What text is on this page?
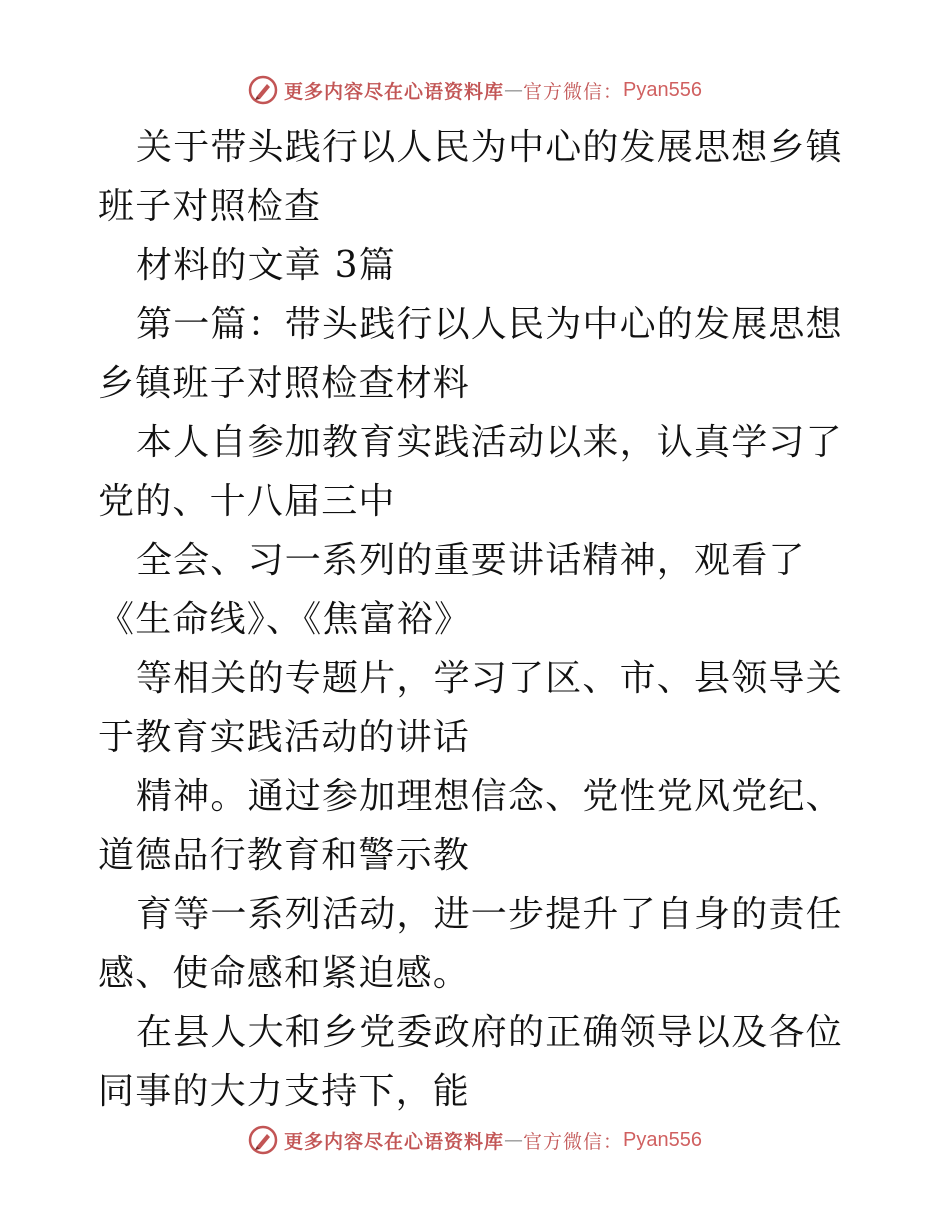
更多内容尽在心语资料库 — 官方微信： Pyan556

关于带头践行以人民为中心的发展思想乡镇班子对照检查

材料的文章 3篇

第一篇：带头践行以人民为中心的发展思想乡镇班子对照检查材料

本人自参加教育实践活动以来，认真学习了党的、十八届三中

全会、习一系列的重要讲话精神，观看了《生命线》、《焦富裕》

等相关的专题片，学习了区、市、县领导关于教育实践活动的讲话

精神。通过参加理想信念、党性党风党纪、道德品行教育和警示教

育等一系列活动，进一步提升了自身的责任感、使命感和紧迫感。

在县人大和乡党委政府的正确领导以及各位同事的大力支持下，能

更多内容尽在心语资料库 — 官方微信： Pyan556
